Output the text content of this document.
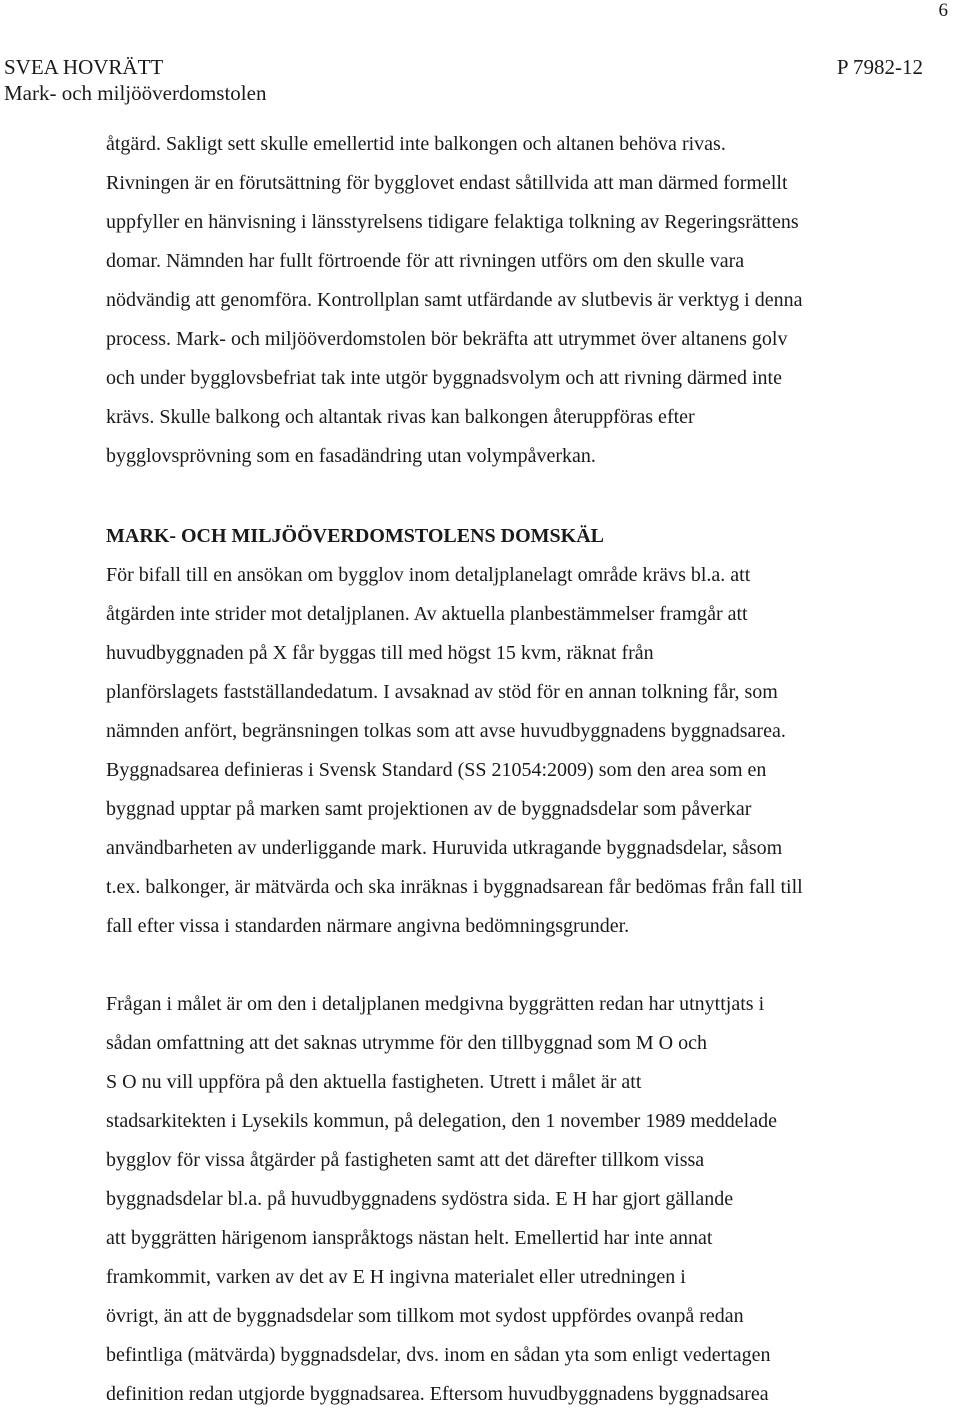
6
SVEA HOVRÄTT	P 7982-12
Mark- och miljööverdomstolen

åtgärd. Sakligt sett skulle emellertid inte balkongen och altanen behöva rivas.
Rivningen är en förutsättning för bygglovet endast såtillvida att man därmed formellt
uppfyller en hänvisning i länsstyrelsens tidigare felaktiga tolkning av Regeringsrättens
domar. Nämnden har fullt förtroende för att rivningen utförs om den skulle vara
nödvändig att genomföra. Kontrollplan samt utfärdande av slutbevis är verktyg i denna
process. Mark- och miljööverdomstolen bör bekräfta att utrymmet över altanens golv
och under bygglovsbefriat tak inte utgör byggnadsvolym och att rivning därmed inte
krävs. Skulle balkong och altantak rivas kan balkongen återuppföras efter
bygglovsprövning som en fasadändring utan volympåverkan.

MARK- OCH MILJÖÖVERDOMSTOLENS DOMSKÄL

För bifall till en ansökan om bygglov inom detaljplanelagt område krävs bl.a. att
åtgärden inte strider mot detaljplanen. Av aktuella planbestämmelser framgår att
huvudbyggnaden på X får byggas till med högst 15 kvm, räknat från
planförslagets fastställandedatum. I avsaknad av stöd för en annan tolkning får, som
nämnden anfört, begränsningen tolkas som att avse huvudbyggnadens byggnadsarea.
Byggnadsarea definieras i Svensk Standard (SS 21054:2009) som den area som en
byggnad upptar på marken samt projektionen av de byggnadsdelar som påverkar
användbarheten av underliggande mark. Huruvida utkragande byggnadsdelar, såsom
t.ex. balkonger, är mätvärda och ska inräknas i byggnadsarean får bedömas från fall till
fall efter vissa i standarden närmare angivna bedömningsgrunder.

Frågan i målet är om den i detaljplanen medgivna byggrätten redan har utnyttjats i
sådan omfattning att det saknas utrymme för den tillbyggnad som M O och
S O nu vill uppföra på den aktuella fastigheten. Utrett i målet är att
stadsarkitekten i Lysekils kommun, på delegation, den 1 november 1989 meddelade
bygglov för vissa åtgärder på fastigheten samt att det därefter tillkom vissa
byggnadsdelar bl.a. på huvudbyggnadens sydöstra sida. E H har gjort gällande
att byggrätten härigenom ianspråktogs nästan helt. Emellertid har inte annat
framkommit, varken av det av E H ingivna materialet eller utredningen i
övrigt, än att de byggnadsdelar som tillkom mot sydost uppfördes ovanpå redan
befintliga (mätvärda) byggnadsdelar, dvs. inom en sådan yta som enligt vedertagen
definition redan utgjorde byggnadsarea. Eftersom huvudbyggnadens byggnadsarea
